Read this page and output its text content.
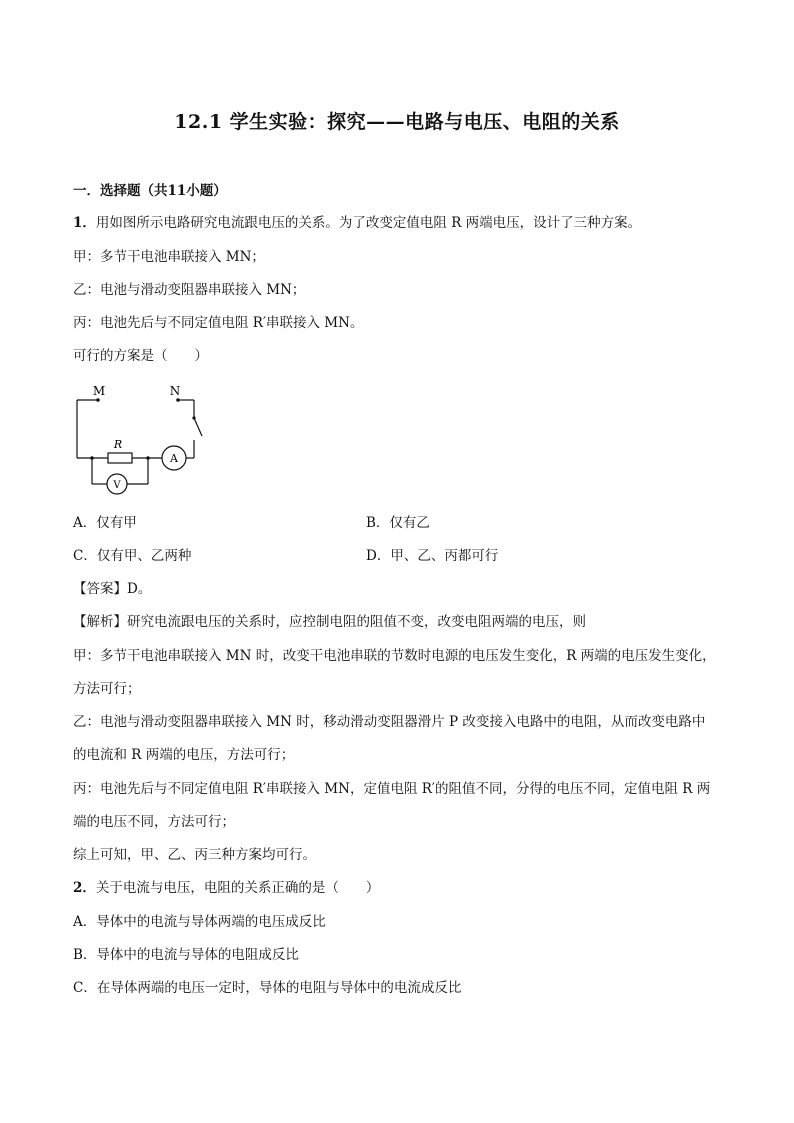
12.1 学生实验：探究——电路与电压、电阻的关系
一．选择题（共11小题）
1．用如图所示电路研究电流跟电压的关系。为了改变定值电阻 R 两端电压，设计了三种方案。
甲：多节干电池串联接入 MN；
乙：电池与滑动变阻器串联接入 MN；
丙：电池先后与不同定值电阻 R′串联接入 MN。
可行的方案是（　　）
M	N
R
A
V
A．仅有甲	B．仅有乙
C．仅有甲、乙两种	D．甲、乙、丙都可行
【答案】D。
【解析】研究电流跟电压的关系时，应控制电阻的阻值不变，改变电阻两端的电压，则
甲：多节干电池串联接入 MN 时，改变干电池串联的节数时电源的电压发生变化，R 两端的电压发生变化，
方法可行；
乙：电池与滑动变阻器串联接入 MN 时，移动滑动变阻器滑片 P 改变接入电路中的电阻，从而改变电路中
的电流和 R 两端的电压，方法可行；
丙：电池先后与不同定值电阻 R′串联接入 MN，定值电阻 R′的阻值不同，分得的电压不同，定值电阻 R 两
端的电压不同，方法可行；
综上可知，甲、乙、丙三种方案均可行。
2．关于电流与电压，电阻的关系正确的是（　　）
A．导体中的电流与导体两端的电压成反比
B．导体中的电流与导体的电阻成反比
C．在导体两端的电压一定时，导体的电阻与导体中的电流成反比
